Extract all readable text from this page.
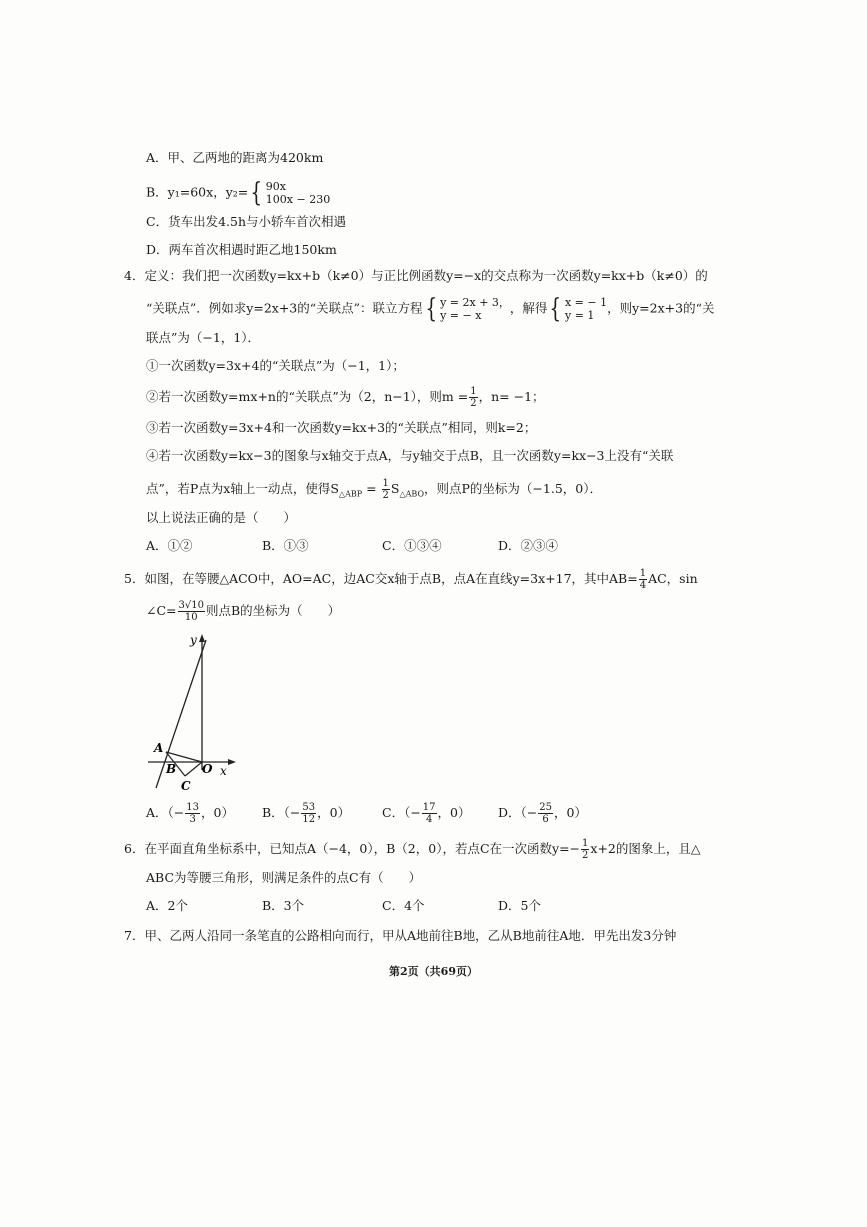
A．甲、乙两地的距离为420km
B．y₁=60x，y₂={ 90x
100x − 230
C．货车出发4.5h与小轿车首次相遇
D．两车首次相遇时距乙地150km
4．定义：我们把一次函数y=kx+b（k≠0）与正比例函数y=−x的交点称为一次函数y=kx+b（k≠0）的
“关联点”．例如求y=2x+3的“关联点”：联立方程{ y = 2x + 3，
y = − x	，解得{ x = − 1
y = 1	，则y=2x+3的“关
联点”为（−1，1）．
①一次函数y=3x+4的“关联点”为（−1，1）；
②若一次函数y=mx+n的“关联点”为（2，n−1），则$m = \frac{1}{2}$ ，n= −1；
③若一次函数y=3x+4和一次函数y=kx+3的“关联点”相同，则k=2；
④若一次函数y=kx−3的图象与x轴交于点A，与y轴交于点B，且一次函数y=kx−3上没有“关联
点”，若P点为x轴上一动点，使得$S_{\triangle ABP} = \frac{1}{2} S_{\triangle ABO}$，则点P的坐标为（−1.5，0）．
以上说法正确的是（　　）
A．①②	B．①③	C．①③④	D．②③④
5．如图，在等腰△ACO中，AO=AC，边AC交x轴于点B，点A在直线y=3x+17，其中$AB= \frac{1}{4}$ AC，sin
∠C= $\frac{3√10}{10}$ 则点B的坐标为（　　）
y
x
A
B O
C
A．（− $\frac{13}{3}$ ，0） B．（− $\frac{53}{12}$ ，0）	C．（− $\frac{17}{4}$ ，0） D．（− $\frac{25}{6}$ ，0）
6．在平面直角坐标系中，已知点A（−4，0），B（2，0），若点C在一次函数$y=- \frac{1}{2} x+2$的图象上，且△
ABC为等腰三角形，则满足条件的点C有（　　）
A．2个	B．3个	C．4个	D．5个
7．甲、乙两人沿同一条笔直的公路相向而行，甲从A地前往B地，乙从B地前往A地．甲先出发3分钟
第2页（共69页）
